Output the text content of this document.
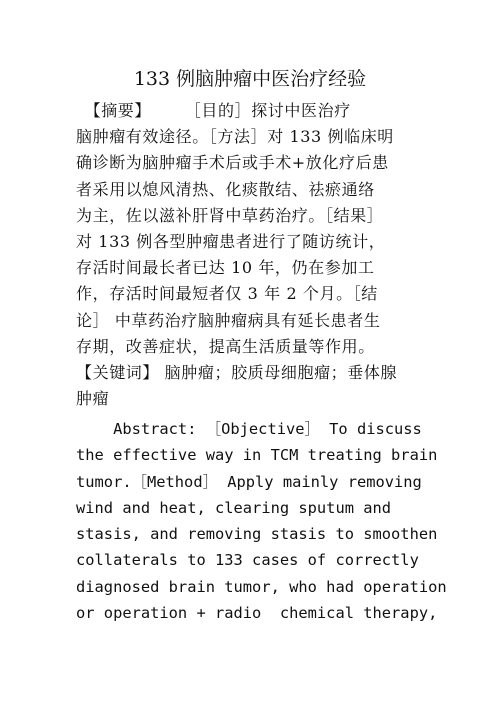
133 例脑肿瘤中医治疗经验
　【摘要】　　　［目的］探讨中医治疗
脑肿瘤有效途径。［方法］对 133 例临床明
确诊断为脑肿瘤手术后或手术+放化疗后患
者采用以熄风清热、化痰散结、祛瘀通络
为主，佐以滋补肝肾中草药治疗。［结果］
对 133 例各型肿瘤患者进行了随访统计，
存活时间最长者已达 10 年，仍在参加工
作，存活时间最短者仅 3 年 2 个月。［结
论］ 中草药治疗脑肿瘤病具有延长患者生
存期，改善症状，提高生活质量等作用。
【关键词】 脑肿瘤；胶质母细胞瘤；垂体腺
肿瘤
Abstract: ［Objective］ To discuss
the effective way in TCM treating brain
tumor.［Method］ Apply mainly removing
wind and heat, clearing sputum and
stasis, and removing stasis to smoothen
collaterals to 133 cases of correctly
diagnosed brain tumor, who had operation
or operation + radio  chemical therapy,
